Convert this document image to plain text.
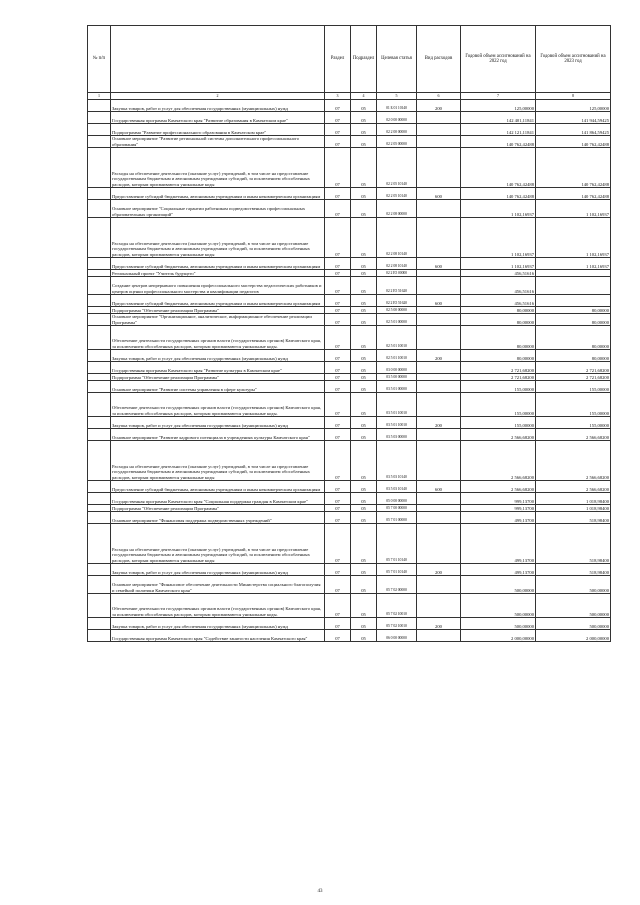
№ п/п		Раздел	Подраздел	Целевая статья	Вид расходов	Годовой объем ассигнований на 2022 год	Годовой объем ассигнований на 2023 год
1	2	3	4	5	6	7	8
	Закупка товаров, работ и услуг для обеспечения государственных (муниципальных) нужд	07	05	01 Б 01 10140	200	125,00000	125,00000
	Государственная программа Камчатского края "Развитие образования в Камчатском крае"	07	05	02 0 00 00000		142 401,11841	141 944,59425
	Подпрограмма "Развитие профессионального образования в Камчатском крае"	07	05	02 2 00 00000		142 121,11841	141 864,59425
	Основное мероприятие "Развитие региональной системы дополнительного профессионального образования"	07	05	02 2 05 00000		140 762,42488	140 762,42488
	Расходы на обеспечение деятельности (оказание услуг) учреждений, в том числе на предоставление государственным бюджетным и автономным учреждениям субсидий, за исключением обособленных расходов, которым присваиваются уникальные коды	07	05	02 2 05 10140		140 762,42488	140 762,42488
	Предоставление субсидий бюджетным, автономным учреждениям и иным некоммерческим организациям	07	05	02 2 05 10140	600	140 762,42488	140 762,42488
	Основное мероприятие "Социальные гарантии работникам подведомственных профессиональных образовательных организаций"	07	05	02 2 08 00000		1 102,16937	1 102,16937
	Расходы на обеспечение деятельности (оказание услуг) учреждений, в том числе на предоставление государственным бюджетным и автономным учреждениям субсидий, за исключением обособленных расходов, которым присваиваются уникальные коды	07	05	02 2 08 10140		1 102,16937	1 102,16937
	Предоставление субсидий бюджетным, автономным учреждениям и иным некоммерческим организациям	07	05	02 2 08 10140	600	1 102,16937	1 102,16937
	Региональный проект "Учитель будущего"	07	05	02 2 E5 00000		456,51616	
	Создание центров непрерывного повышения профессионального мастерства педагогических работников и центров оценки профессионального мастерства и квалификации педагогов	07	05	02 2 E5 51620		456,51616	
	Предоставление субсидий бюджетным, автономным учреждениям и иным некоммерческим организациям	07	05	02 2 E5 51620	600	456,51616	
	Подпрограмма "Обеспечение реализации Программы"	07	05	02 5 00 00000		80,00000	80,00000
	Основное мероприятие "Организационное, аналитическое, информационное обеспечение реализации Программы"	07	05	02 5 01 00000		80,00000	80,00000
	Обеспечение деятельности государственных органов власти (государственных органов) Камчатского края, за исключением обособленных расходов, которым присваиваются уникальные коды.	07	05	02 5 01 10010		80,00000	80,00000
	Закупка товаров, работ и услуг для обеспечения государственных (муниципальных) нужд	07	05	02 5 01 10010	200	80,00000	80,00000
	Государственная программа Камчатского края "Развитие культуры в Камчатском крае"	07	05	03 0 00 00000		2 721,68200	2 721,68200
	Подпрограмма "Обеспечение реализации Программы"	07	05	03 5 00 00000		2 721,68200	2 721,68200
	Основное мероприятие "Развитие системы управления в сфере культуры"	07	05	03 5 01 00000		155,00000	155,00000
	Обеспечение деятельности государственных органов власти (государственных органов) Камчатского края, за исключением обособленных расходов, которым присваиваются уникальные коды.	07	05	03 5 01 10010		155,00000	155,00000
	Закупка товаров, работ и услуг для обеспечения государственных (муниципальных) нужд	07	05	03 5 01 10010	200	155,00000	155,00000
	Основное мероприятие "Развитие кадрового потенциала в учреждениях культуры Камчатского края"	07	05	03 5 03 00000		2 566,68200	2 566,68200
	Расходы на обеспечение деятельности (оказание услуг) учреждений, в том числе на предоставление государственным бюджетным и автономным учреждениям субсидий, за исключением обособленных расходов, которым присваиваются уникальные коды	07	05	03 5 03 10140		2 566,68200	2 566,68200
	Предоставление субсидий бюджетным, автономным учреждениям и иным некоммерческим организациям	07	05	03 5 03 10140	600	2 566,68200	2 566,68200
	Государственная программа Камчатского края "Социальная поддержка граждан в Камчатском крае"	07	05	05 0 00 00000		999,13700	1 018,98400
	Подпрограмма "Обеспечение реализации Программы"	07	05	05 7 00 00000		999,13700	1 018,98400
	Основное мероприятие "Финансовая поддержка подведомственных учреждений"	07	05	05 7 01 00000		499,13700	518,98400
	Расходы на обеспечение деятельности (оказание услуг) учреждений, в том числе на предоставление государственным бюджетным и автономным учреждениям субсидий, за исключением обособленных расходов, которым присваиваются уникальные коды	07	05	05 7 01 10140		499,13700	518,98400
	Закупка товаров, работ и услуг для обеспечения государственных (муниципальных) нужд	07	05	05 7 01 10140	200	499,13700	518,98400
	Основное мероприятие "Финансовое обеспечение деятельности Министерства социального благополучия и семейной политики Камчатского края"	07	05	05 7 02 00000		500,00000	500,00000
	Обеспечение деятельности государственных органов власти (государственных органов) Камчатского края, за исключением обособленных расходов, которым присваиваются уникальные коды.	07	05	05 7 02 10010		500,00000	500,00000
	Закупка товаров, работ и услуг для обеспечения государственных (муниципальных) нужд	07	05	05 7 02 10010	200	500,00000	500,00000
	Государственная программа Камчатского края "Содействие занятости населения Камчатского края"	07	05	06 0 00 00000		2 000,00000	2 000,00000
43
